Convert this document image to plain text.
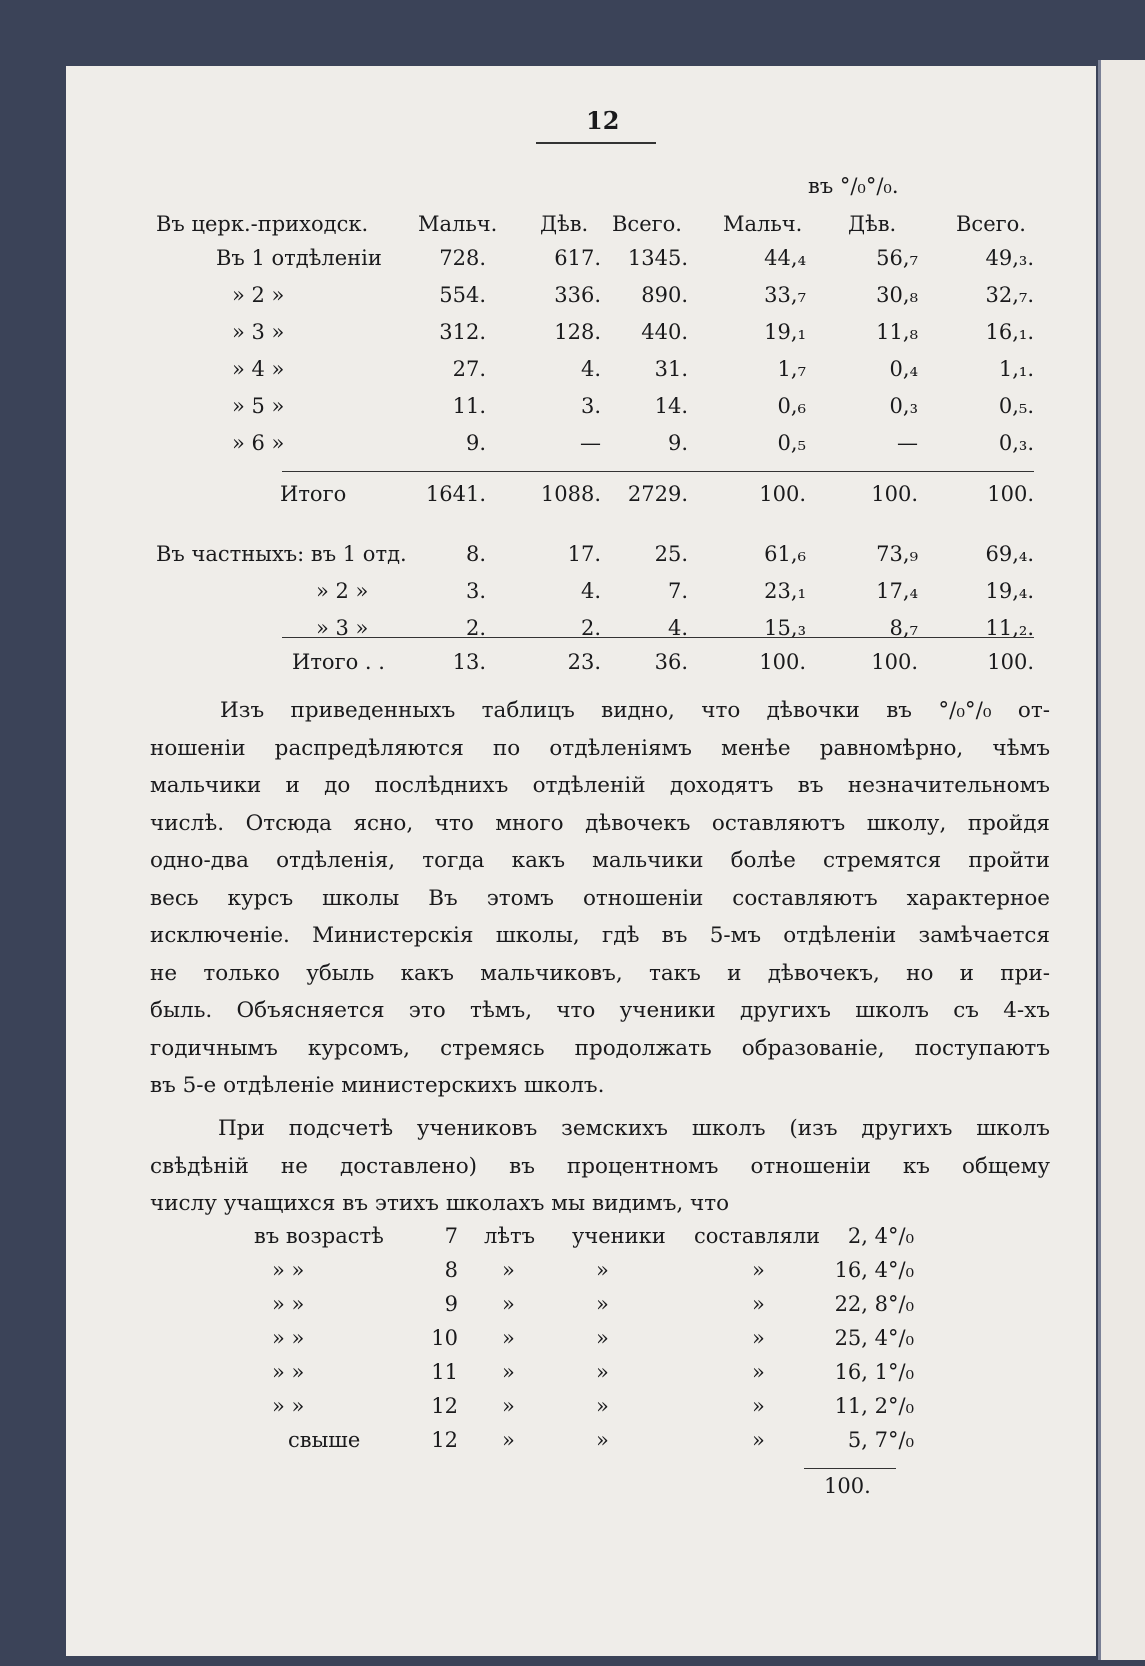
12
въ °/₀°/₀.
Въ церк.-приходск. Мальч. Дѣв. Всего. Мальч. Дѣв.	Всего.
Въ 1 отдѣленіи	728.	617. 1345.	44,₄	56,₇	49,₃.
» 2 »	554.	336. 890.	33,₇	30,₈	32,₇.
» 3 »	312.	128. 440.	19,₁	11,₈	16,₁.
» 4 »	27.	4.	31.	1,₇	0,₄	1,₁.
» 5 »	11.	3.	14.	0,₆	0,₃	0,₅.
» 6 »	9.	—	9.	0,₅	—	0,₃.
Итого	1641.	1088. 2729.	100.	100.	100.
Въ частныхъ: въ 1 отд.	8.	17.	25.	61,₆	73,₉	69,₄.
» 2 »	3.	4.	7.	23,₁	17,₄	19,₄.
» 3 »	2.	2.	4.	15,₃	8,₇	11,₂.
Итого . .	13.	23.	36.	100.	100.	100.
Изъ приведенныхъ таблицъ видно, что дѣвочки въ °/₀°/₀ от-
ношеніи распредѣляются по отдѣленіямъ менѣе равномѣрно, чѣмъ
мальчики и до послѣднихъ отдѣленій доходятъ въ незначительномъ
числѣ. Отсюда ясно, что много дѣвочекъ оставляютъ школу, пройдя
одно-два отдѣленія, тогда какъ мальчики болѣе стремятся пройти
весь курсъ школы Въ этомъ отношеніи составляютъ характерное
исключеніе. Министерскія школы, гдѣ въ 5-мъ отдѣленіи замѣчается
не только убыль какъ мальчиковъ, такъ и дѣвочекъ, но и при-
быль. Объясняется это тѣмъ, что ученики другихъ школъ съ 4-хъ
годичнымъ курсомъ, стремясь продолжать образованіе, поступаютъ
въ 5-е отдѣленіе министерскихъ школъ.
При подсчетѣ учениковъ земскихъ школъ (изъ другихъ школъ
свѣдѣній не доставлено) въ процентномъ отношеніи къ общему
числу учащихся въ этихъ школахъ мы видимъ, что
въ возрастѣ	7 лѣтъ ученики составляли 2, 4°/₀
» »	8 »	»	»	16, 4°/₀
» »	9 »	»	»	22, 8°/₀
» »	10 »	»	»	25, 4°/₀
» »	11 »	»	»	16, 1°/₀
» »	12 »	»	»	11, 2°/₀
свыше	12 »	»	»	5, 7°/₀
100.
